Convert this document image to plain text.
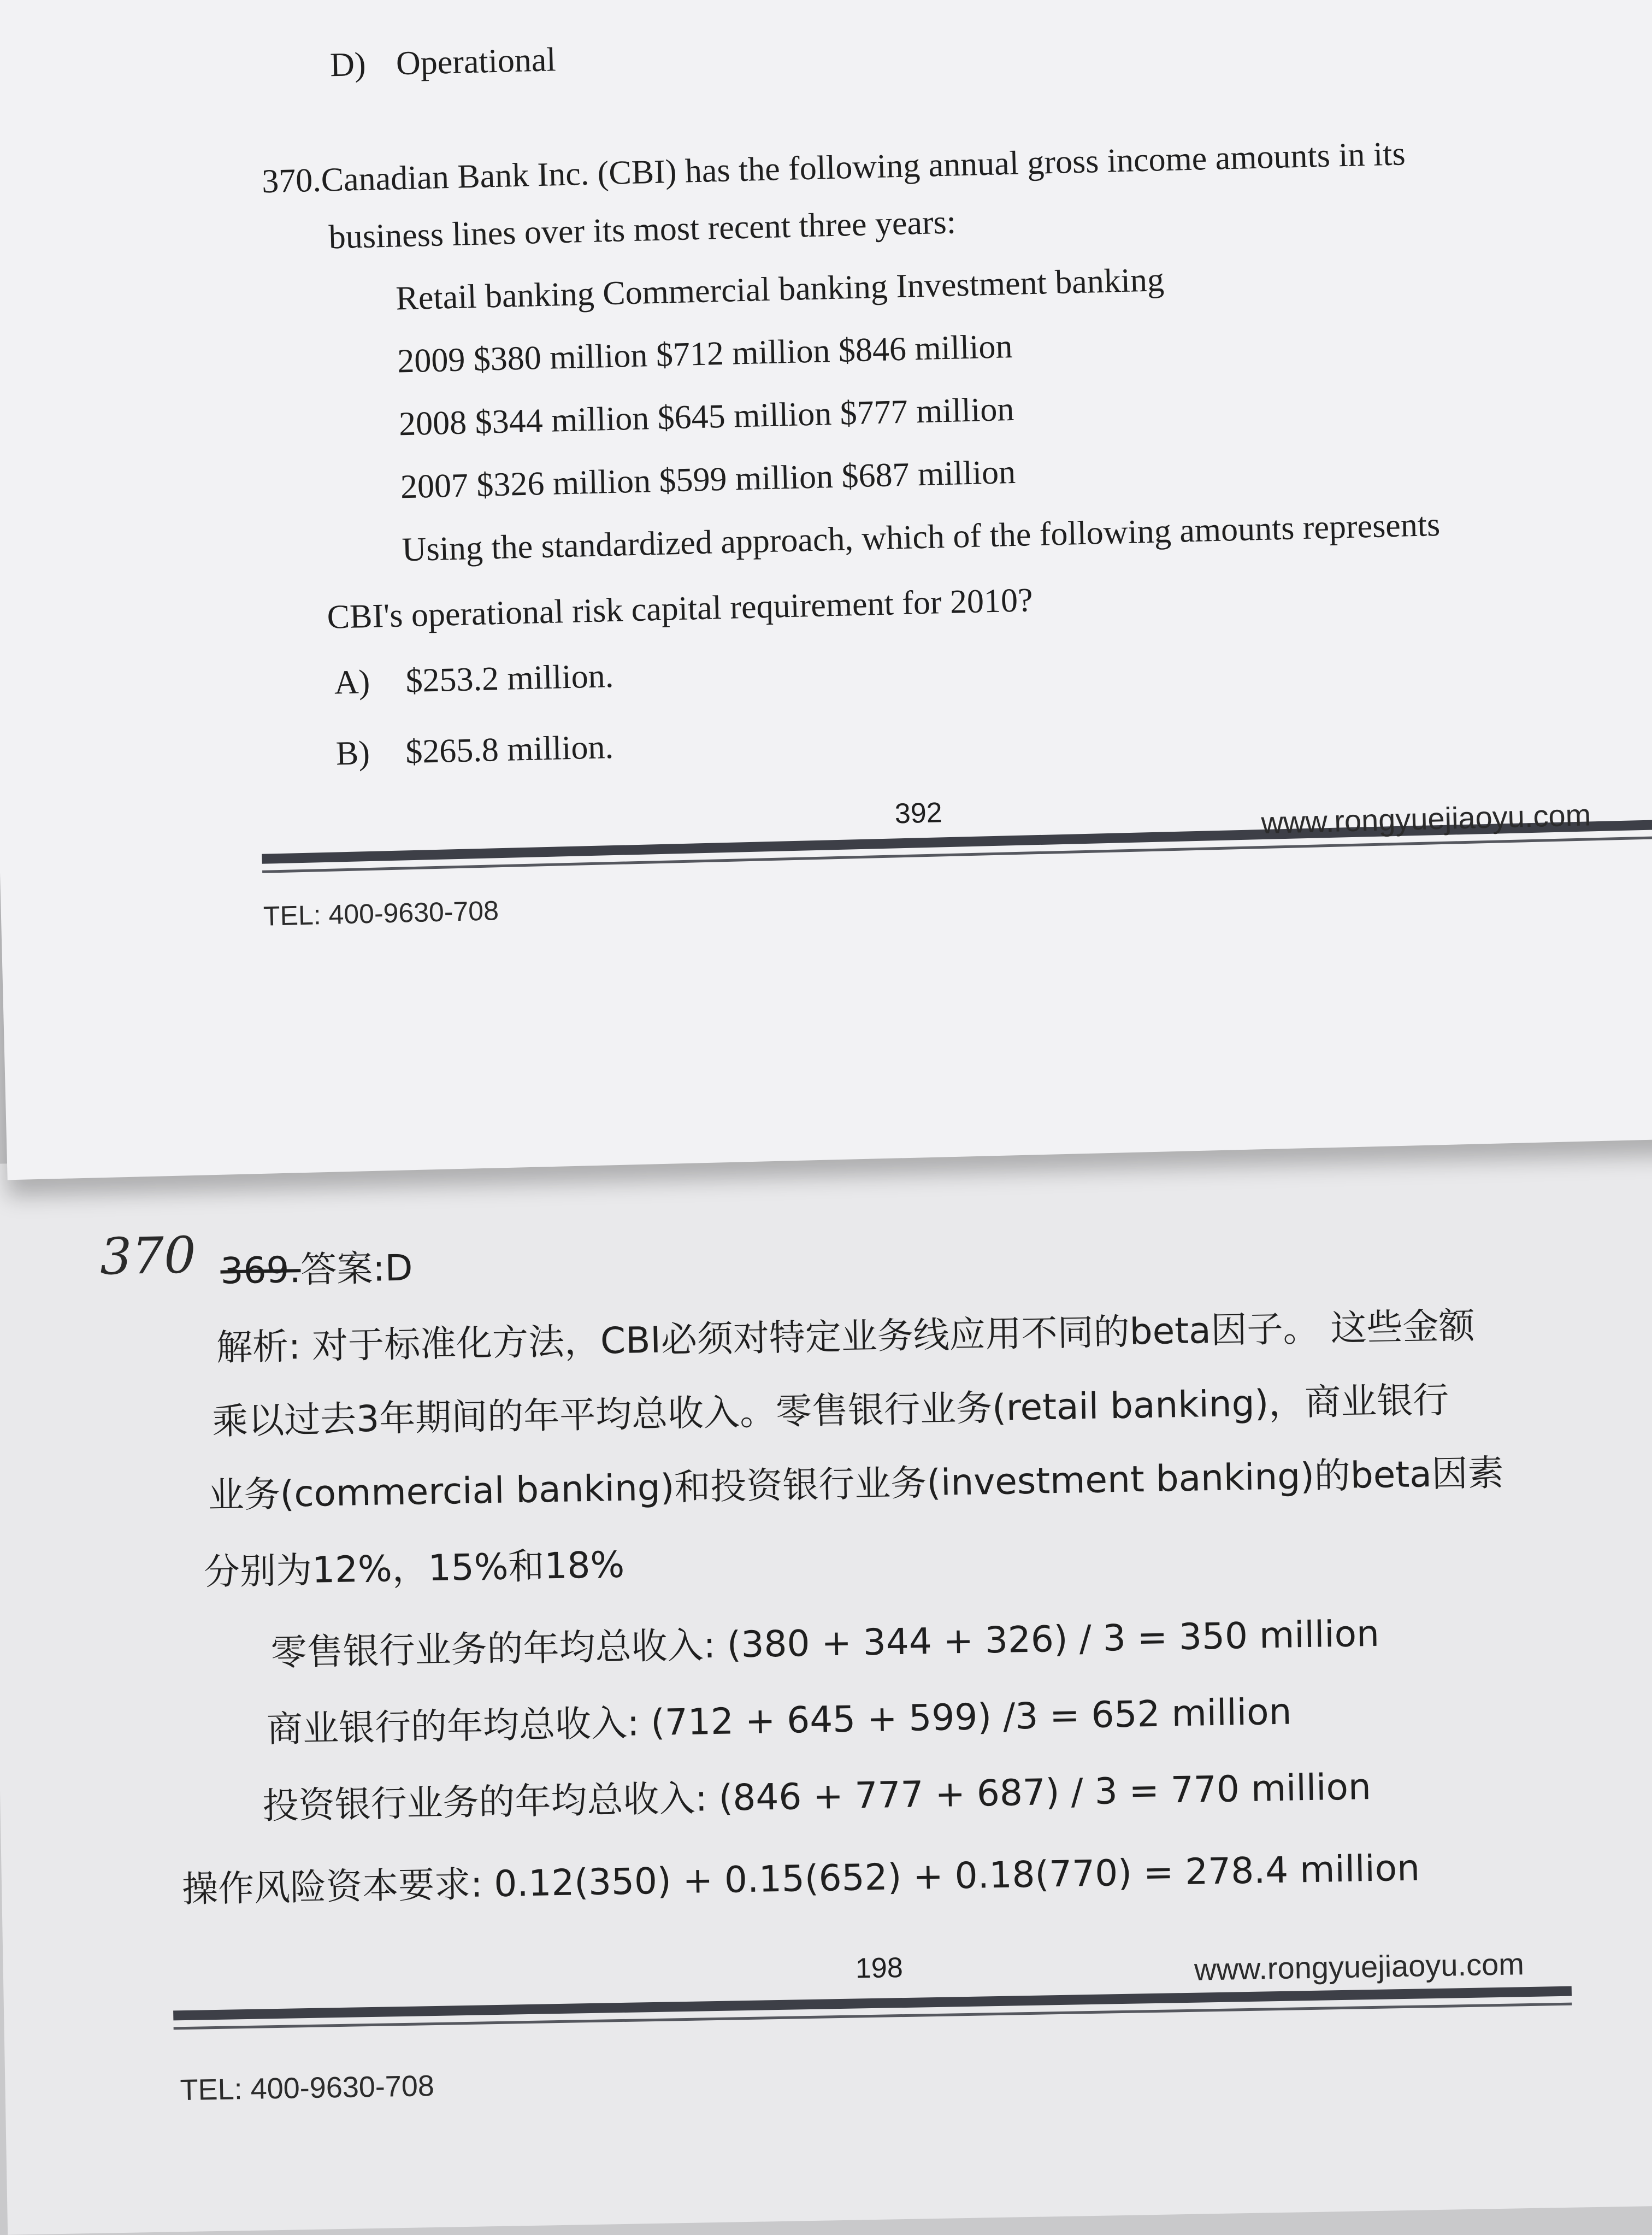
D) Operational
370.Canadian Bank Inc. (CBI) has the following annual gross income amounts in its
business lines over its most recent three years:
Retail banking Commercial banking Investment banking
2009 $380 million $712 million $846 million
2008 $344 million $645 million $777 million
2007 $326 million $599 million $687 million
Using the standardized approach, which of the following amounts represents
CBI's operational risk capital requirement for 2010?
A) $253.2 million.
B) $265.8 million.
392	www.rongyuejiaoyu.com
TEL: 400-9630-708
370 369.答案:D
解析: 对于标准化方法，CBI必须对特定业务线应用不同的beta因子。 这些金额
乘以过去3年期间的年平均总收入。零售银行业务(retail banking)，商业银行
业务(commercial banking)和投资银行业务(investment banking)的beta因素
分别为12%，15%和18%
零售银行业务的年均总收入: (380 + 344 + 326) / 3 = 350 million
商业银行的年均总收入: (712 + 645 + 599) /3 = 652 million
投资银行业务的年均总收入: (846 + 777 + 687) / 3 = 770 million
操作风险资本要求: 0.12(350) + 0.15(652) + 0.18(770) = 278.4 million
198	www.rongyuejiaoyu.com
TEL: 400-9630-708
